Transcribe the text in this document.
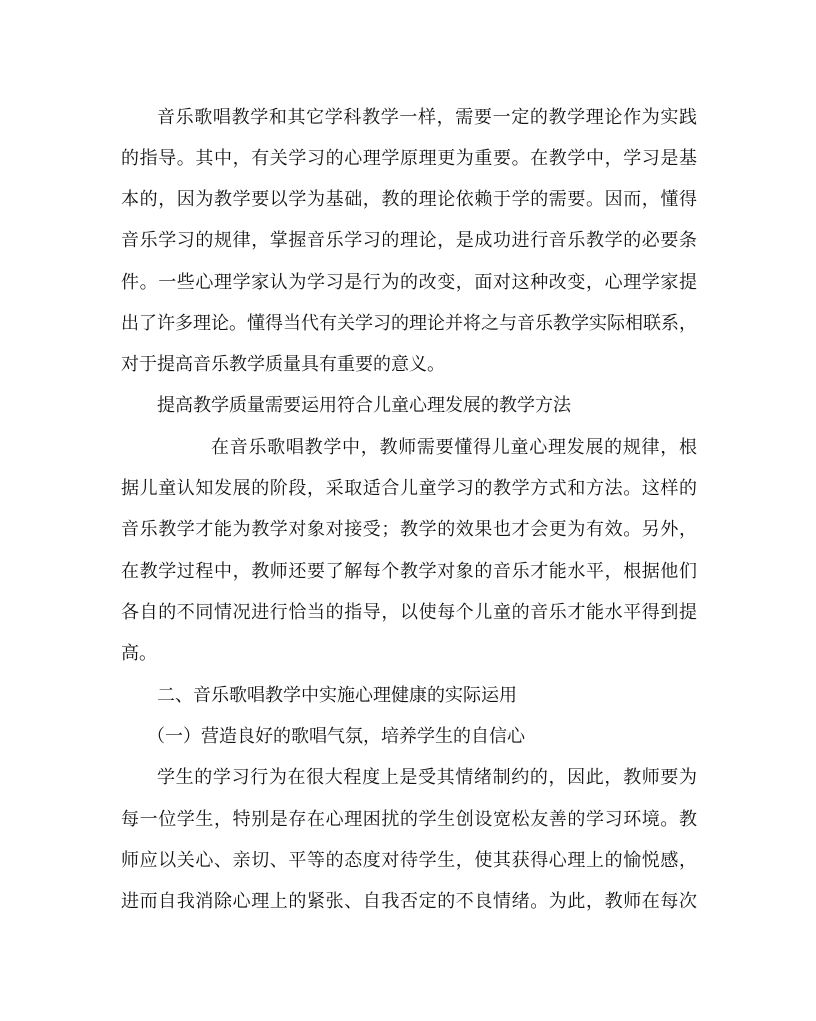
音乐歌唱教学和其它学科教学一样，需要一定的教学理论作为实践
的指导。其中，有关学习的心理学原理更为重要。在教学中，学习是基
本的，因为教学要以学为基础，教的理论依赖于学的需要。因而，懂得
音乐学习的规律，掌握音乐学习的理论，是成功进行音乐教学的必要条
件。一些心理学家认为学习是行为的改变，面对这种改变，心理学家提
出了许多理论。懂得当代有关学习的理论并将之与音乐教学实际相联系，
对于提高音乐教学质量具有重要的意义。
提高教学质量需要运用符合儿童心理发展的教学方法
在音乐歌唱教学中，教师需要懂得儿童心理发展的规律，根
据儿童认知发展的阶段，采取适合儿童学习的教学方式和方法。这样的
音乐教学才能为教学对象对接受；教学的效果也才会更为有效。另外，
在教学过程中，教师还要了解每个教学对象的音乐才能水平，根据他们
各自的不同情况进行恰当的指导，以使每个儿童的音乐才能水平得到提
高。
二、音乐歌唱教学中实施心理健康的实际运用
（一）营造良好的歌唱气氛，培养学生的自信心
学生的学习行为在很大程度上是受其情绪制约的，因此，教师要为
每一位学生，特别是存在心理困扰的学生创设宽松友善的学习环境。教
师应以关心、亲切、平等的态度对待学生，使其获得心理上的愉悦感，
进而自我消除心理上的紧张、自我否定的不良情绪。为此，教师在每次
